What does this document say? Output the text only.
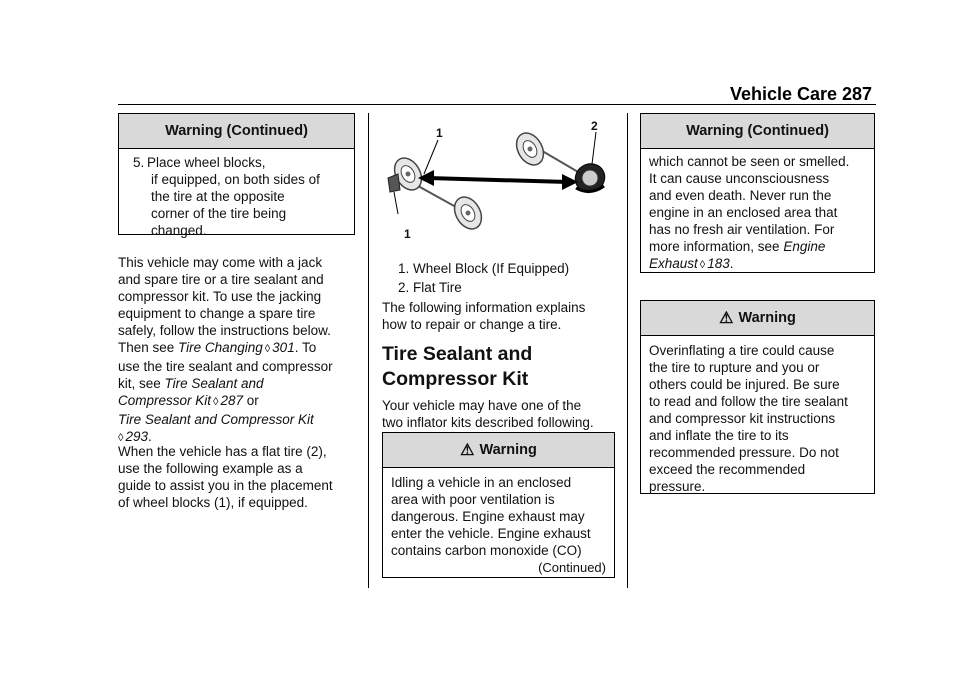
Vehicle Care 287
Warning (Continued)
5. Place wheel blocks,
if equipped, on both sides of
the tire at the opposite
corner of the tire being
changed.
This vehicle may come with a jack
and spare tire or a tire sealant and
compressor kit. To use the jacking
equipment to change a spare tire
safely, follow the instructions below.
Then see Tire Changing ◊ 301. To
use the tire sealant and compressor
kit, see Tire Sealant and
Compressor Kit ◊ 287 or
Tire Sealant and Compressor Kit
◊ 293.
When the vehicle has a flat tire (2),
use the following example as a
guide to assist you in the placement
of wheel blocks (1), if equipped.
1	2
1
1. Wheel Block (If Equipped)
2. Flat Tire
The following information explains
how to repair or change a tire.
Tire Sealant and
Compressor Kit
Your vehicle may have one of the
two inflator kits described following.
⚠ Warning
Idling a vehicle in an enclosed
area with poor ventilation is
dangerous. Engine exhaust may
enter the vehicle. Engine exhaust
contains carbon monoxide (CO)
(Continued)
Warning (Continued)
which cannot be seen or smelled.
It can cause unconsciousness
and even death. Never run the
engine in an enclosed area that
has no fresh air ventilation. For
more information, see Engine
Exhaust ◊ 183.
⚠ Warning
Overinflating a tire could cause
the tire to rupture and you or
others could be injured. Be sure
to read and follow the tire sealant
and compressor kit instructions
and inflate the tire to its
recommended pressure. Do not
exceed the recommended
pressure.
